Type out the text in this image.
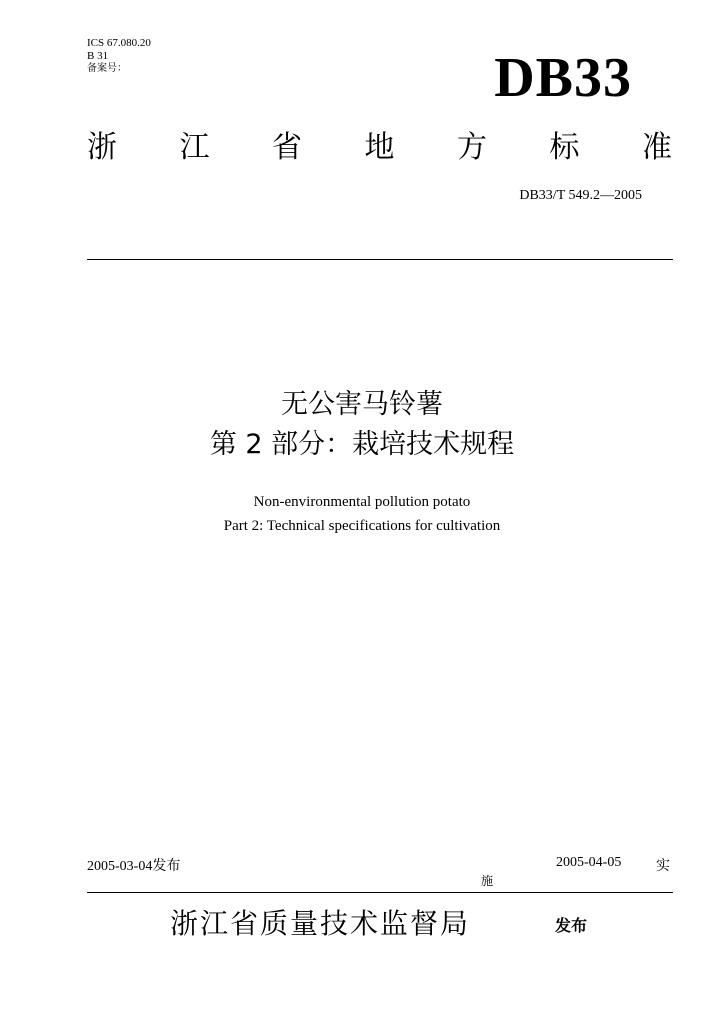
ICS 67.080.20
B 31
备案号：	DB33
浙 江 省 地 方 标 准
DB33/T 549.2—2005
无公害马铃薯
第 2 部分：栽培技术规程
Non-environmental pollution potato
Part 2: Technical specifications for cultivation
2005-03-04发布	2005-04-05 实
施
浙江省质量技术监督局	发布
